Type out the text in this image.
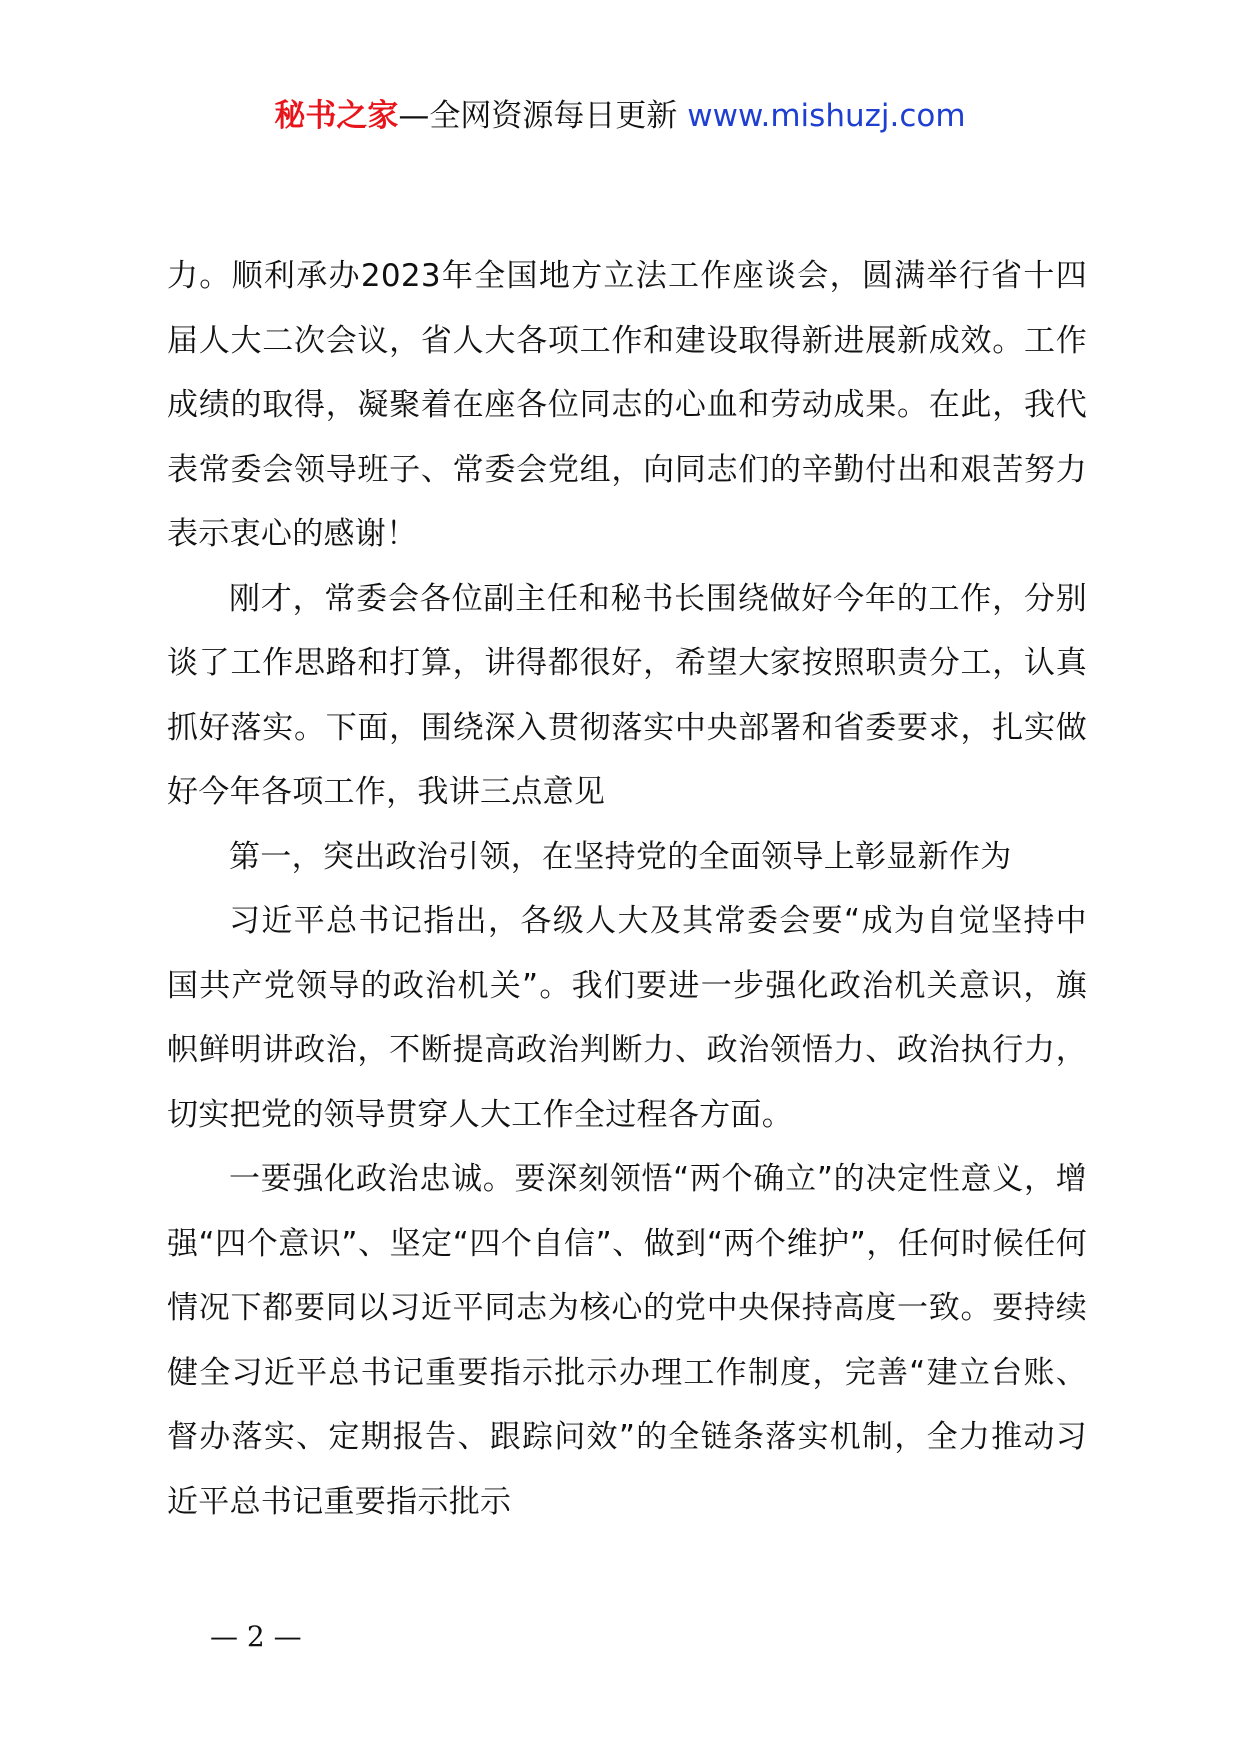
秘书之家—全网资源每日更新 www.mishuzj.com

力。顺利承办2023年全国地方立法工作座谈会，圆满举行省十四届人大二次会议，省人大各项工作和建设取得新进展新成效。工作成绩的取得，凝聚着在座各位同志的心血和劳动成果。在此，我代表常委会领导班子、常委会党组，向同志们的辛勤付出和艰苦努力表示衷心的感谢！

刚才，常委会各位副主任和秘书长围绕做好今年的工作，分别谈了工作思路和打算，讲得都很好，希望大家按照职责分工，认真抓好落实。下面，围绕深入贯彻落实中央部署和省委要求，扎实做好今年各项工作，我讲三点意见

第一，突出政治引领，在坚持党的全面领导上彰显新作为

习近平总书记指出，各级人大及其常委会要“成为自觉坚持中国共产党领导的政治机关”。我们要进一步强化政治机关意识，旗帜鲜明讲政治，不断提高政治判断力、政治领悟力、政治执行力，切实把党的领导贯穿人大工作全过程各方面。

一要强化政治忠诚。要深刻领悟“两个确立”的决定性意义，增强“四个意识”、坚定“四个自信”、做到“两个维护”，任何时候任何情况下都要同以习近平同志为核心的党中央保持高度一致。要持续健全习近平总书记重要指示批示办理工作制度，完善“建立台账、督办落实、定期报告、跟踪问效”的全链条落实机制，全力推动习近平总书记重要指示批示

— 2 —
